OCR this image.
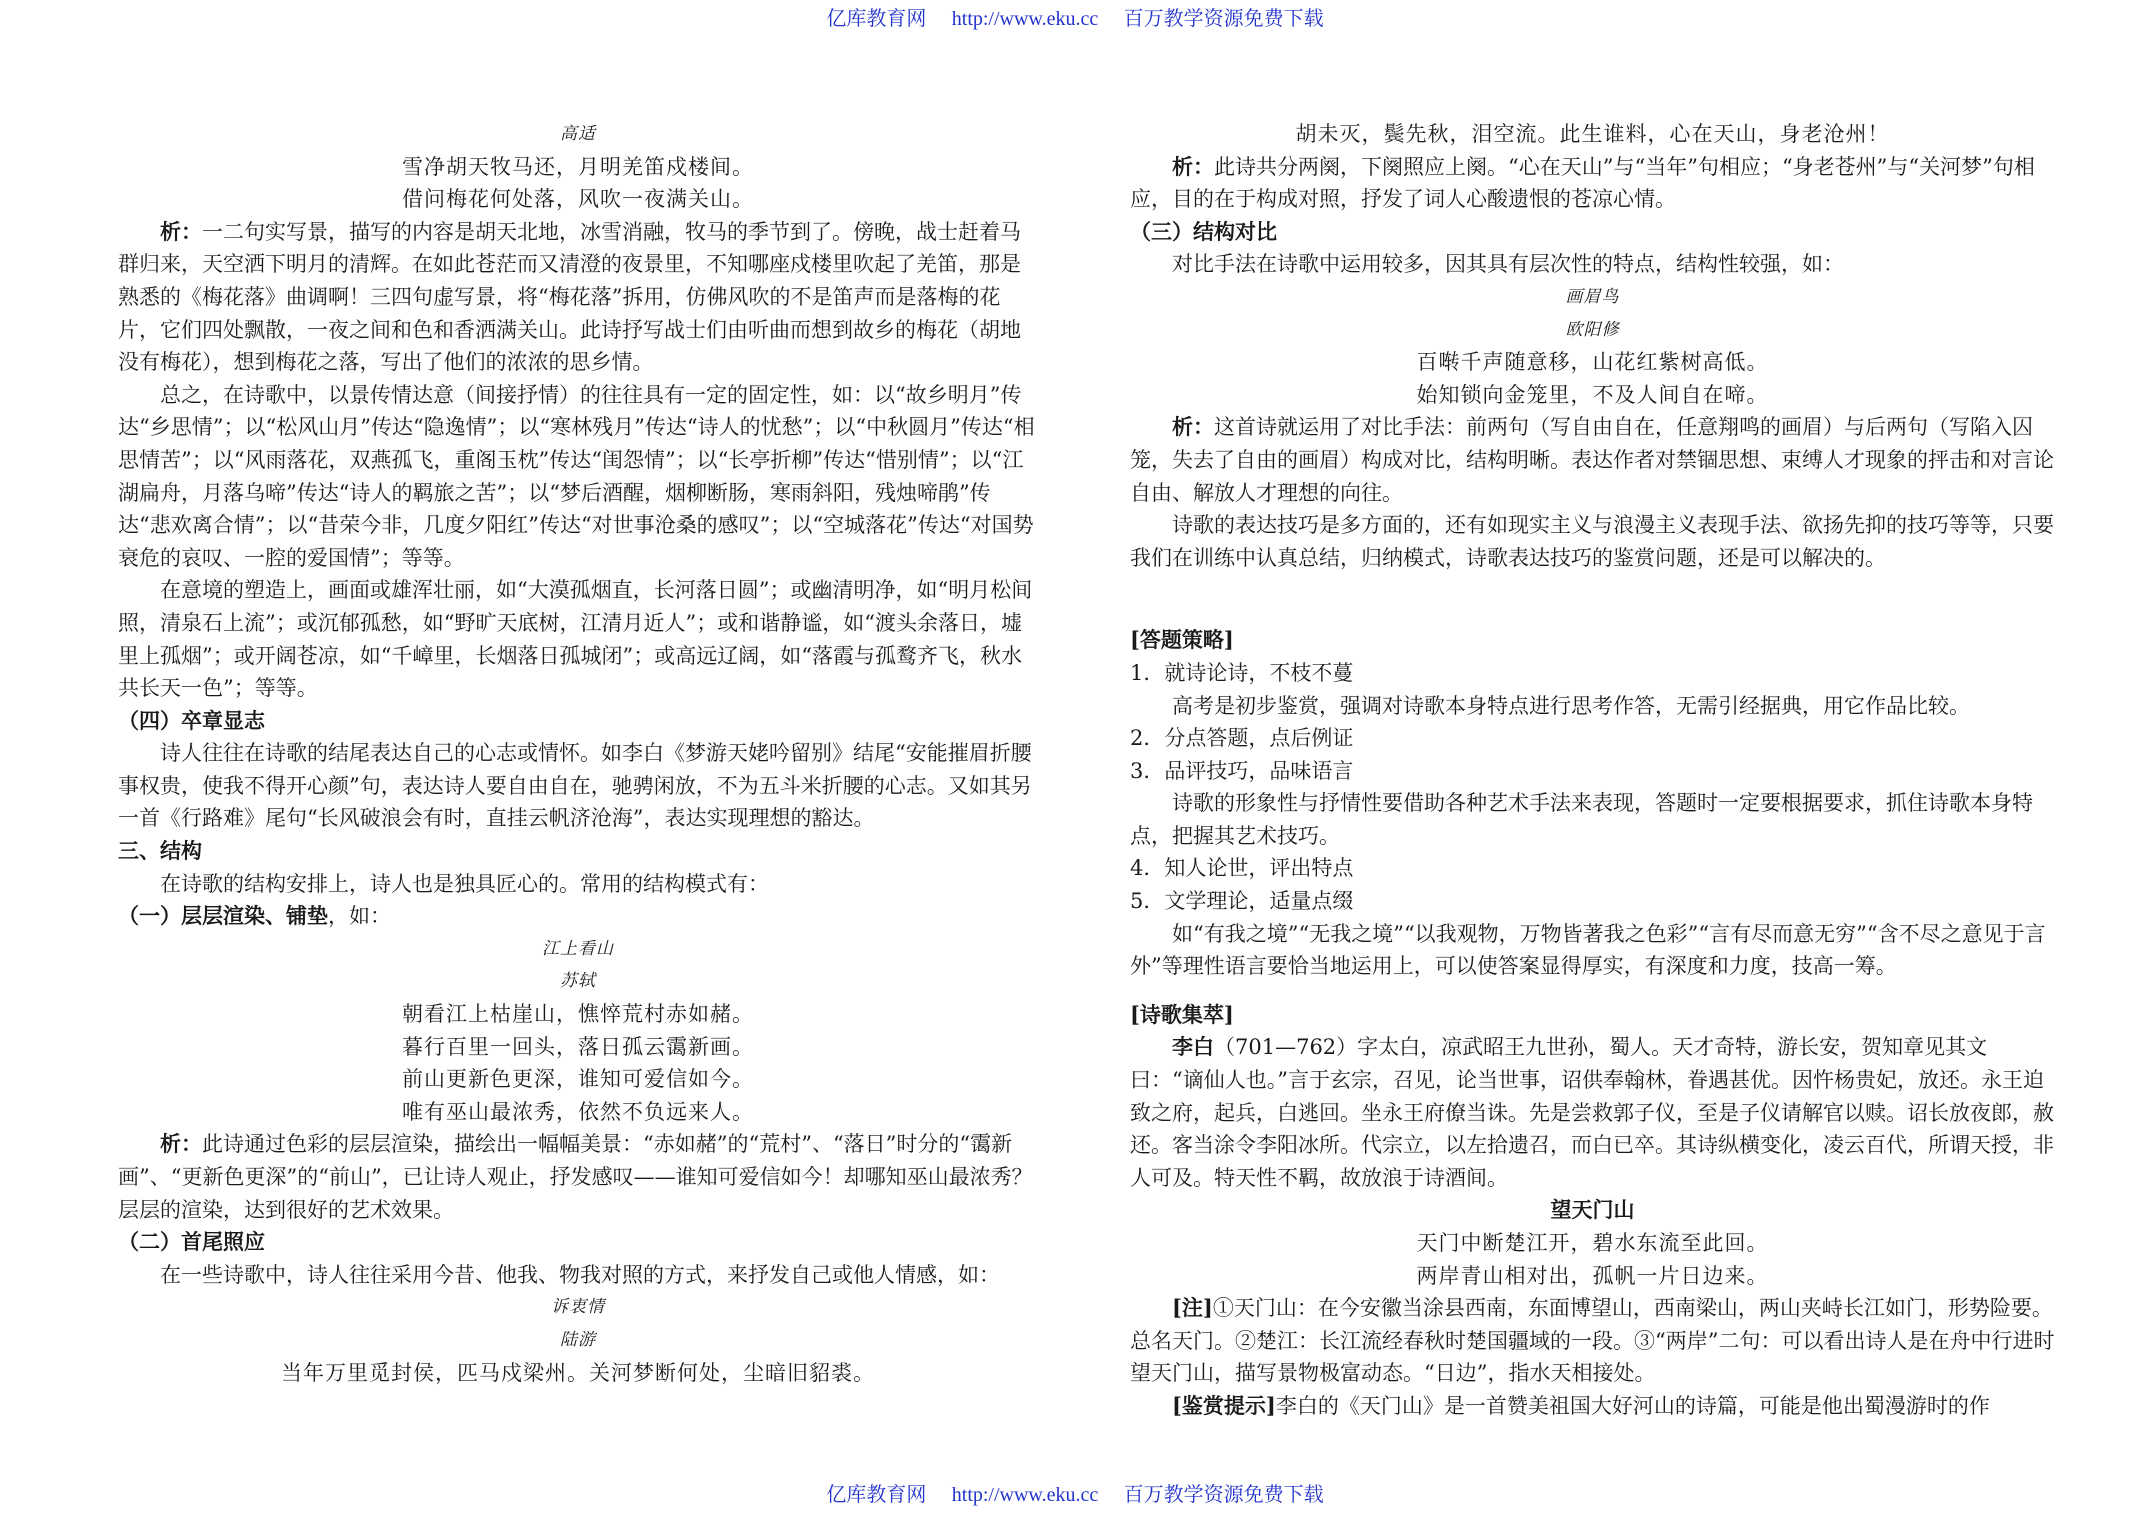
亿库教育网 http://www.eku.cc 百万教学资源免费下载

高适

雪净胡天牧马还，月明羌笛戍楼间。

借问梅花何处落，风吹一夜满关山。

析：一二句实写景，描写的内容是胡天北地，冰雪消融，牧马的季节到了。傍晚，战士赶着马群归来，天空洒下明月的清辉。在如此苍茫而又清澄的夜景里，不知哪座戍楼里吹起了羌笛，那是熟悉的《梅花落》曲调啊！三四句虚写景，将“梅花落”拆用，仿佛风吹的不是笛声而是落梅的花片，它们四处飘散，一夜之间和色和香洒满关山。此诗抒写战士们由听曲而想到故乡的梅花（胡地没有梅花），想到梅花之落，写出了他们的浓浓的思乡情。

总之，在诗歌中，以景传情达意（间接抒情）的往往具有一定的固定性，如：以“故乡明月”传达“乡思情”；以“松风山月”传达“隐逸情”；以“寒林残月”传达“诗人的忧愁”；以“中秋圆月”传达“相思情苦”；以“风雨落花，双燕孤飞，重阁玉枕”传达“闺怨情”；以“长亭折柳”传达“惜别情”；以“江湖扁舟，月落乌啼”传达“诗人的羁旅之苦”；以“梦后酒醒，烟柳断肠，寒雨斜阳，残烛啼鹃”传达“悲欢离合情”；以“昔荣今非，几度夕阳红”传达“对世事沧桑的感叹”；以“空城落花”传达“对国势衰危的哀叹、一腔的爱国情”；等等。

在意境的塑造上，画面或雄浑壮丽，如“大漠孤烟直，长河落日圆”；或幽清明净，如“明月松间照，清泉石上流”；或沉郁孤愁，如“野旷天底树，江清月近人”；或和谐静谧，如“渡头余落日，墟里上孤烟”；或开阔苍凉，如“千嶂里，长烟落日孤城闭”；或高远辽阔，如“落霞与孤鹜齐飞，秋水共长天一色”；等等。

（四）卒章显志

诗人往往在诗歌的结尾表达自己的心志或情怀。如李白《梦游天姥吟留别》结尾“安能摧眉折腰事权贵，使我不得开心颜”句，表达诗人要自由自在，驰骋闲放，不为五斗米折腰的心志。又如其另一首《行路难》尾句“长风破浪会有时，直挂云帆济沧海”，表达实现理想的豁达。

三、结构

在诗歌的结构安排上，诗人也是独具匠心的。常用的结构模式有：

（一）层层渲染、铺垫，如：

江上看山

苏轼

朝看江上枯崖山，憔悴荒村赤如赭。

暮行百里一回头，落日孤云霭新画。

前山更新色更深，谁知可爱信如今。

唯有巫山最浓秀，依然不负远来人。

析：此诗通过色彩的层层渲染，描绘出一幅幅美景：“赤如赭”的“荒村”、“落日”时分的“霭新画”、“更新色更深”的“前山”，已让诗人观止，抒发感叹——谁知可爱信如今！却哪知巫山最浓秀？层层的渲染，达到很好的艺术效果。

（二）首尾照应

在一些诗歌中，诗人往往采用今昔、他我、物我对照的方式，来抒发自己或他人情感，如：

诉衷情

陆游

当年万里觅封侯，匹马戍梁州。关河梦断何处，尘暗旧貂裘。

胡未灭，鬓先秋，泪空流。此生谁料，心在天山，身老沧州！

析：此诗共分两阕，下阕照应上阕。“心在天山”与“当年”句相应；“身老苍州”与“关河梦”句相应，目的在于构成对照，抒发了词人心酸遗恨的苍凉心情。

（三）结构对比

对比手法在诗歌中运用较多，因其具有层次性的特点，结构性较强，如：

画眉鸟

欧阳修

百啭千声随意移，山花红紫树高低。

始知锁向金笼里，不及人间自在啼。

析：这首诗就运用了对比手法：前两句（写自由自在，任意翔鸣的画眉）与后两句（写陷入囚笼，失去了自由的画眉）构成对比，结构明晰。表达作者对禁锢思想、束缚人才现象的抨击和对言论自由、解放人才理想的向往。

诗歌的表达技巧是多方面的，还有如现实主义与浪漫主义表现手法、欲扬先抑的技巧等等，只要我们在训练中认真总结，归纳模式，诗歌表达技巧的鉴赏问题，还是可以解决的。

[答题策略]

1．就诗论诗，不枝不蔓

高考是初步鉴赏，强调对诗歌本身特点进行思考作答，无需引经据典，用它作品比较。

2．分点答题，点后例证

3．品评技巧，品味语言

诗歌的形象性与抒情性要借助各种艺术手法来表现，答题时一定要根据要求，抓住诗歌本身特点，把握其艺术技巧。

4．知人论世，评出特点

5．文学理论，适量点缀

如“有我之境”“无我之境”“以我观物，万物皆著我之色彩”“言有尽而意无穷”“含不尽之意见于言外”等理性语言要恰当地运用上，可以使答案显得厚实，有深度和力度，技高一筹。

[诗歌集萃]

李白（701—762）字太白，凉武昭王九世孙，蜀人。天才奇特，游长安，贺知章见其文曰：“谪仙人也。”言于玄宗，召见，论当世事，诏供奉翰林，眷遇甚优。因忤杨贵妃，放还。永王迫致之府，起兵，白逃回。坐永王府僚当诛。先是尝救郭子仪，至是子仪请解官以赎。诏长放夜郎，赦还。客当涂令李阳冰所。代宗立，以左拾遗召，而白已卒。其诗纵横变化，凌云百代，所谓天授，非人可及。特天性不羁，故放浪于诗酒间。

望天门山

天门中断楚江开，碧水东流至此回。

两岸青山相对出，孤帆一片日边来。

[注]①天门山：在今安徽当涂县西南，东面博望山，西南梁山，两山夹峙长江如门，形势险要。总名天门。②楚江：长江流经春秋时楚国疆域的一段。③“两岸”二句：可以看出诗人是在舟中行进时望天门山，描写景物极富动态。“日边”，指水天相接处。

[鉴赏提示]李白的《天门山》是一首赞美祖国大好河山的诗篇，可能是他出蜀漫游时的作

亿库教育网 http://www.eku.cc 百万教学资源免费下载
